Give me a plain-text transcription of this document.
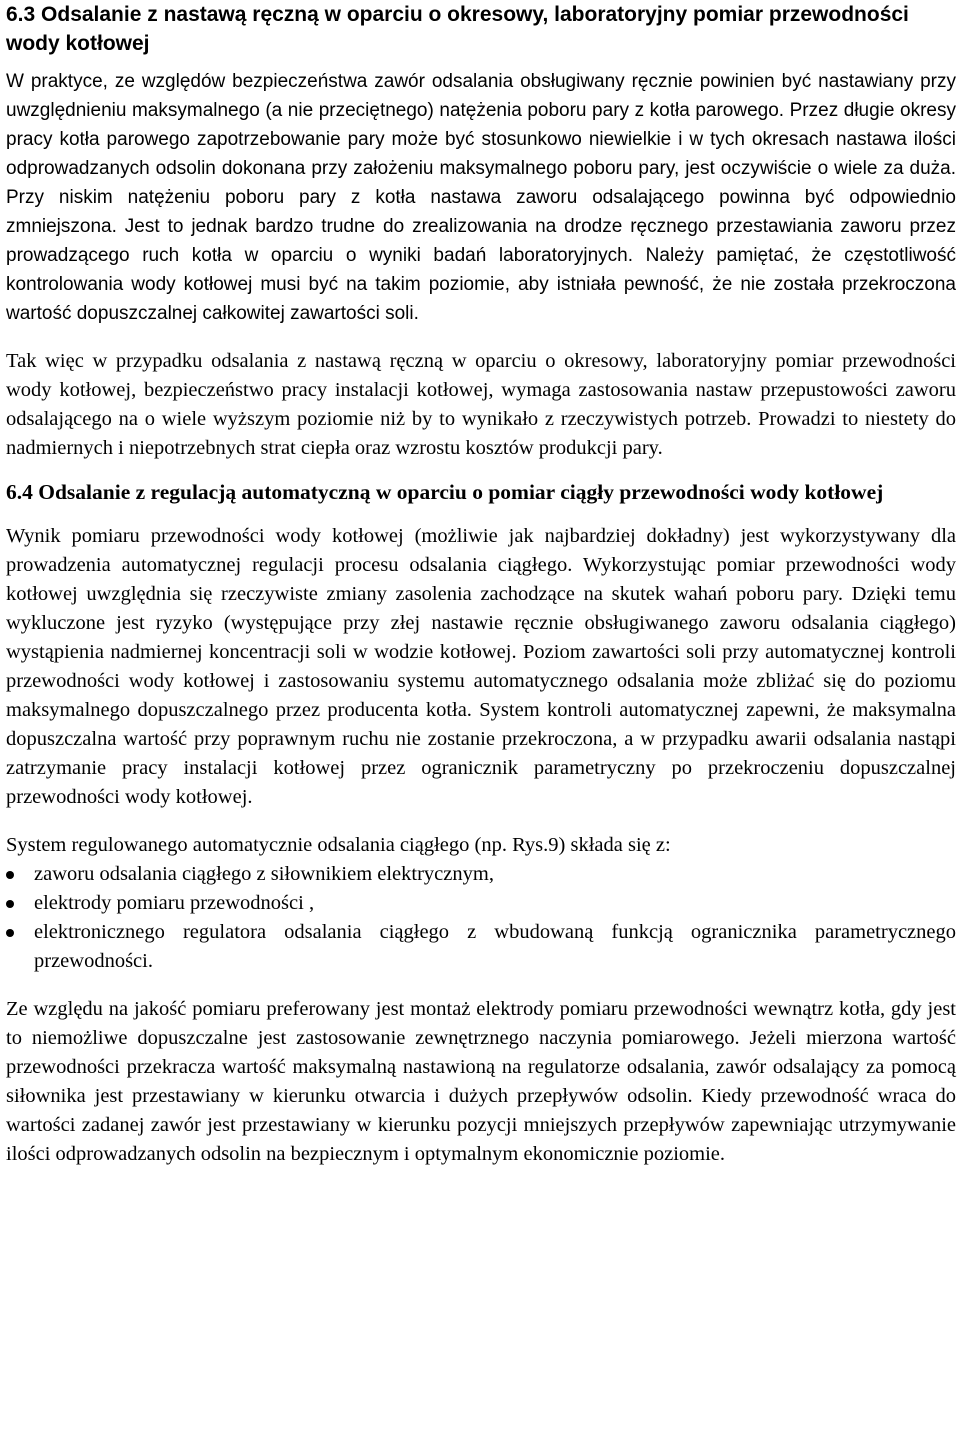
6.3 Odsalanie z nastawą ręczną w oparciu o okresowy, laboratoryjny pomiar przewodności wody kotłowej

W praktyce, ze względów bezpieczeństwa zawór odsalania obsługiwany ręcznie powinien być nastawiany przy uwzględnieniu maksymalnego (a nie przeciętnego) natężenia poboru pary z kotła parowego. Przez długie okresy pracy kotła parowego zapotrzebowanie pary może być stosunkowo niewielkie i w tych okresach nastawa ilości odprowadzanych odsolin dokonana przy założeniu maksymalnego poboru pary, jest oczywiście o wiele za duża. Przy niskim natężeniu poboru pary z kotła nastawa zaworu odsalającego powinna być odpowiednio zmniejszona. Jest to jednak bardzo trudne do zrealizowania na drodze ręcznego przestawiania zaworu przez prowadzącego ruch kotła w oparciu o wyniki badań laboratoryjnych. Należy pamiętać, że częstotliwość kontrolowania wody kotłowej musi być na takim poziomie, aby istniała pewność, że nie została przekroczona wartość dopuszczalnej całkowitej zawartości soli.

Tak więc w przypadku odsalania z nastawą ręczną w oparciu o okresowy, laboratoryjny pomiar przewodności wody kotłowej, bezpieczeństwo pracy instalacji kotłowej, wymaga zastosowania nastaw przepustowości zaworu odsalającego na o wiele wyższym poziomie niż by to wynikało z rzeczywistych potrzeb. Prowadzi to niestety do nadmiernych i niepotrzebnych strat ciepła oraz wzrostu kosztów produkcji pary.

6.4 Odsalanie z regulacją automatyczną w oparciu o pomiar ciągły przewodności wody kotłowej

Wynik pomiaru przewodności wody kotłowej (możliwie jak najbardziej dokładny) jest wykorzystywany dla prowadzenia automatycznej regulacji procesu odsalania ciągłego. Wykorzystując pomiar przewodności wody kotłowej uwzględnia się rzeczywiste zmiany zasolenia zachodzące na skutek wahań poboru pary. Dzięki temu wykluczone jest ryzyko (występujące przy złej nastawie ręcznie obsługiwanego zaworu odsalania ciągłego) wystąpienia nadmiernej koncentracji soli w wodzie kotłowej. Poziom zawartości soli przy automatycznej kontroli przewodności wody kotłowej i zastosowaniu systemu automatycznego odsalania może zbliżać się do poziomu maksymalnego dopuszczalnego przez producenta kotła. System kontroli automatycznej zapewni, że maksymalna dopuszczalna wartość przy poprawnym ruchu nie zostanie przekroczona, a w przypadku awarii odsalania nastąpi zatrzymanie pracy instalacji kotłowej przez ogranicznik parametryczny po przekroczeniu dopuszczalnej przewodności wody kotłowej.

System regulowanego automatycznie odsalania ciągłego (np. Rys.9) składa się z:

zaworu odsalania ciągłego z siłownikiem elektrycznym,
elektrody pomiaru przewodności ,
elektronicznego regulatora odsalania ciągłego z wbudowaną funkcją ogranicznika parametrycznego przewodności.

Ze względu na jakość pomiaru preferowany jest montaż elektrody pomiaru przewodności wewnątrz kotła, gdy jest to niemożliwe dopuszczalne jest zastosowanie zewnętrznego naczynia pomiarowego. Jeżeli mierzona wartość przewodności przekracza wartość maksymalną nastawioną na regulatorze odsalania, zawór odsalający za pomocą siłownika jest przestawiany w kierunku otwarcia i dużych przepływów odsolin. Kiedy przewodność wraca do wartości zadanej zawór jest przestawiany w kierunku pozycji mniejszych przepływów zapewniając utrzymywanie ilości odprowadzanych odsolin na bezpiecznym i optymalnym ekonomicznie poziomie.
